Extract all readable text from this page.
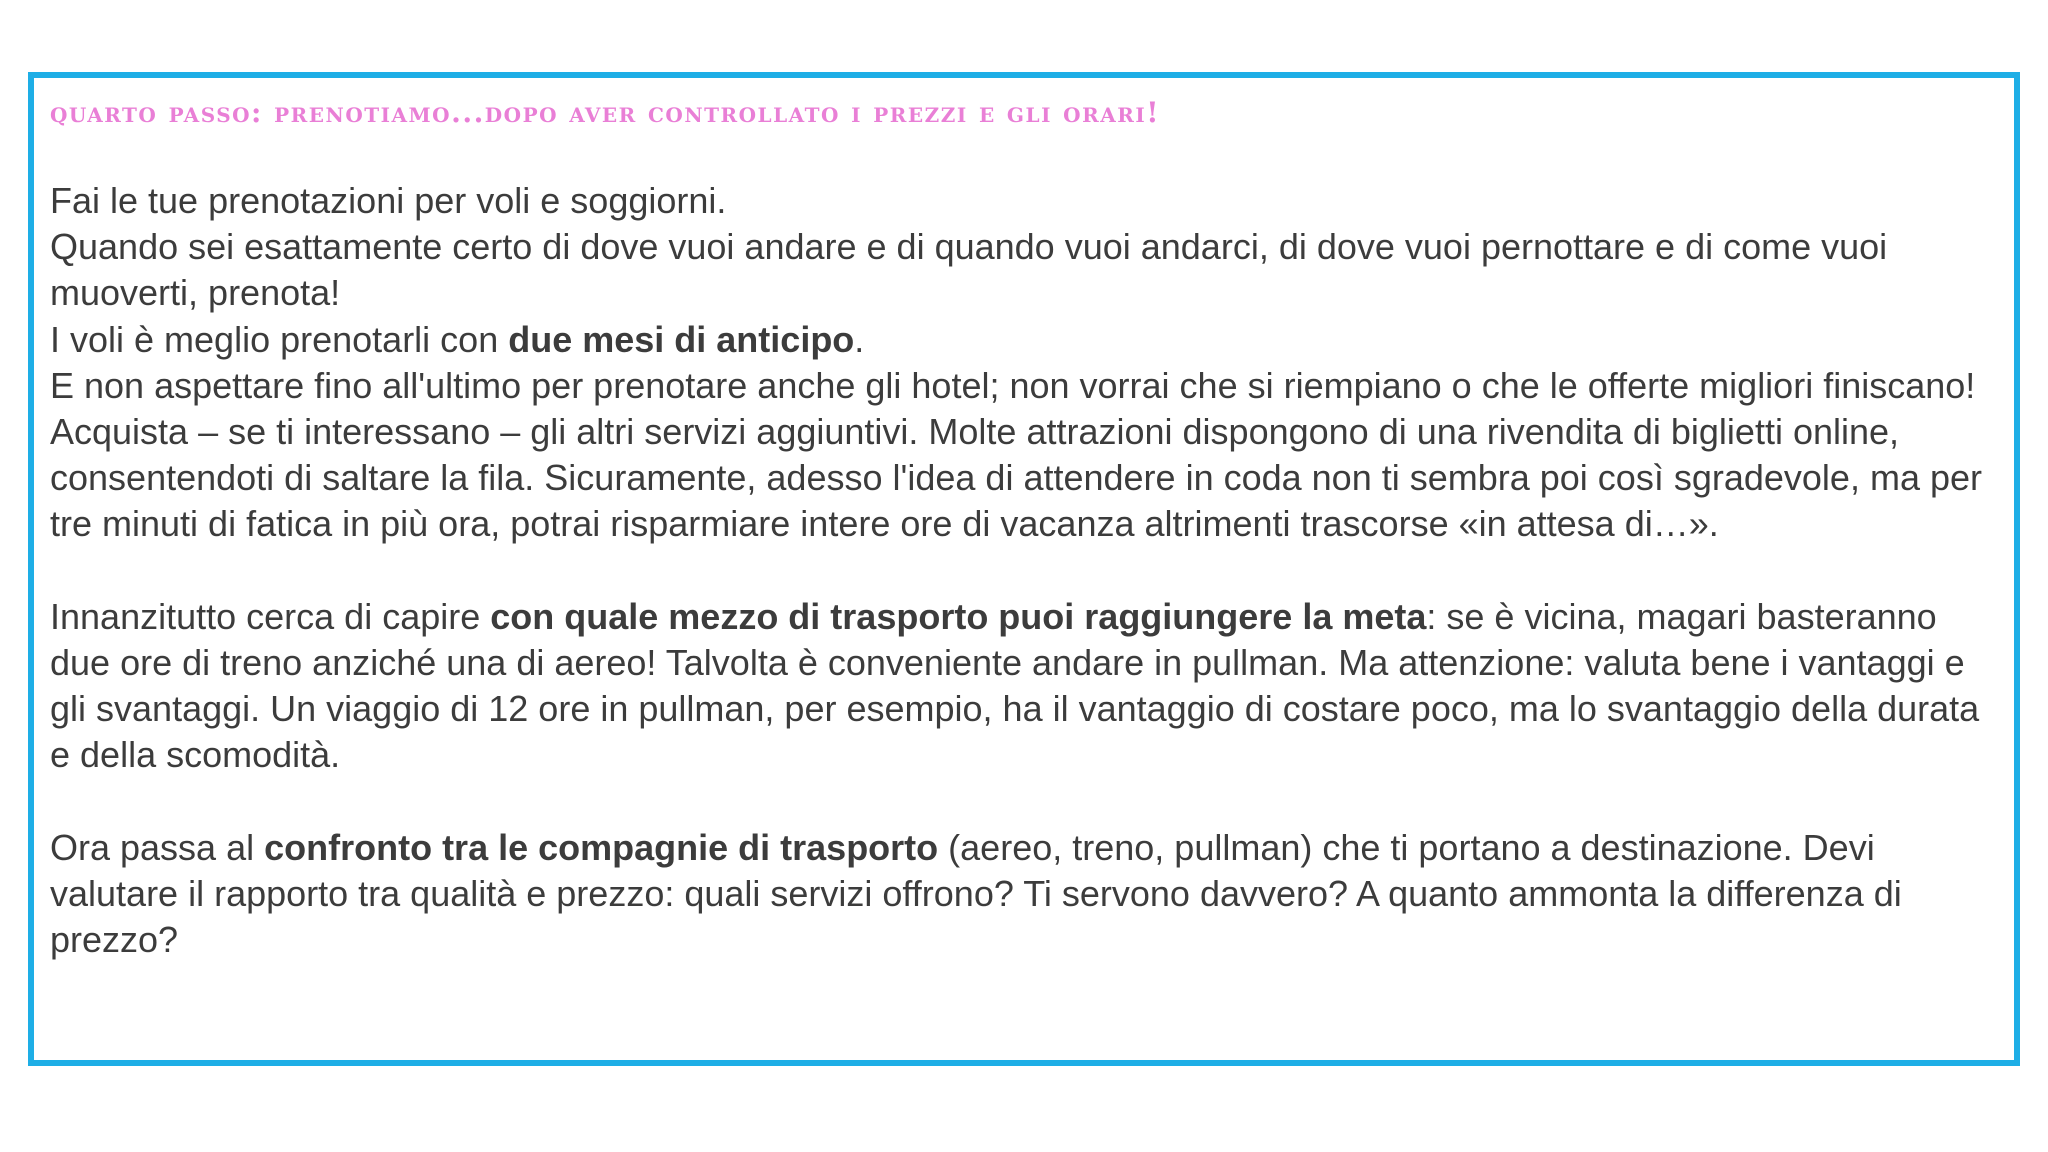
quarto passo: prenotiamo...dopo aver controllato i prezzi e gli orari!

Fai le tue prenotazioni per voli e soggiorni.

Quando sei esattamente certo di dove vuoi andare e di quando vuoi andarci, di dove vuoi pernottare e di come vuoi muoverti, prenota!

I voli è meglio prenotarli con due mesi di anticipo.

E non aspettare fino all'ultimo per prenotare anche gli hotel; non vorrai che si riempiano o che le offerte migliori finiscano!

Acquista – se ti interessano – gli altri servizi aggiuntivi. Molte attrazioni dispongono di una rivendita di biglietti online, consentendoti di saltare la fila. Sicuramente, adesso l'idea di attendere in coda non ti sembra poi così sgradevole, ma per tre minuti di fatica in più ora, potrai risparmiare intere ore di vacanza altrimenti trascorse «in attesa di…».

Innanzitutto cerca di capire con quale mezzo di trasporto puoi raggiungere la meta: se è vicina, magari basteranno due ore di treno anziché una di aereo! Talvolta è conveniente andare in pullman. Ma attenzione: valuta bene i vantaggi e gli svantaggi. Un viaggio di 12 ore in pullman, per esempio, ha il vantaggio di costare poco, ma lo svantaggio della durata e della scomodità.

Ora passa al confronto tra le compagnie di trasporto (aereo, treno, pullman) che ti portano a destinazione. Devi valutare il rapporto tra qualità e prezzo: quali servizi offrono? Ti servono davvero? A quanto ammonta la differenza di prezzo?
